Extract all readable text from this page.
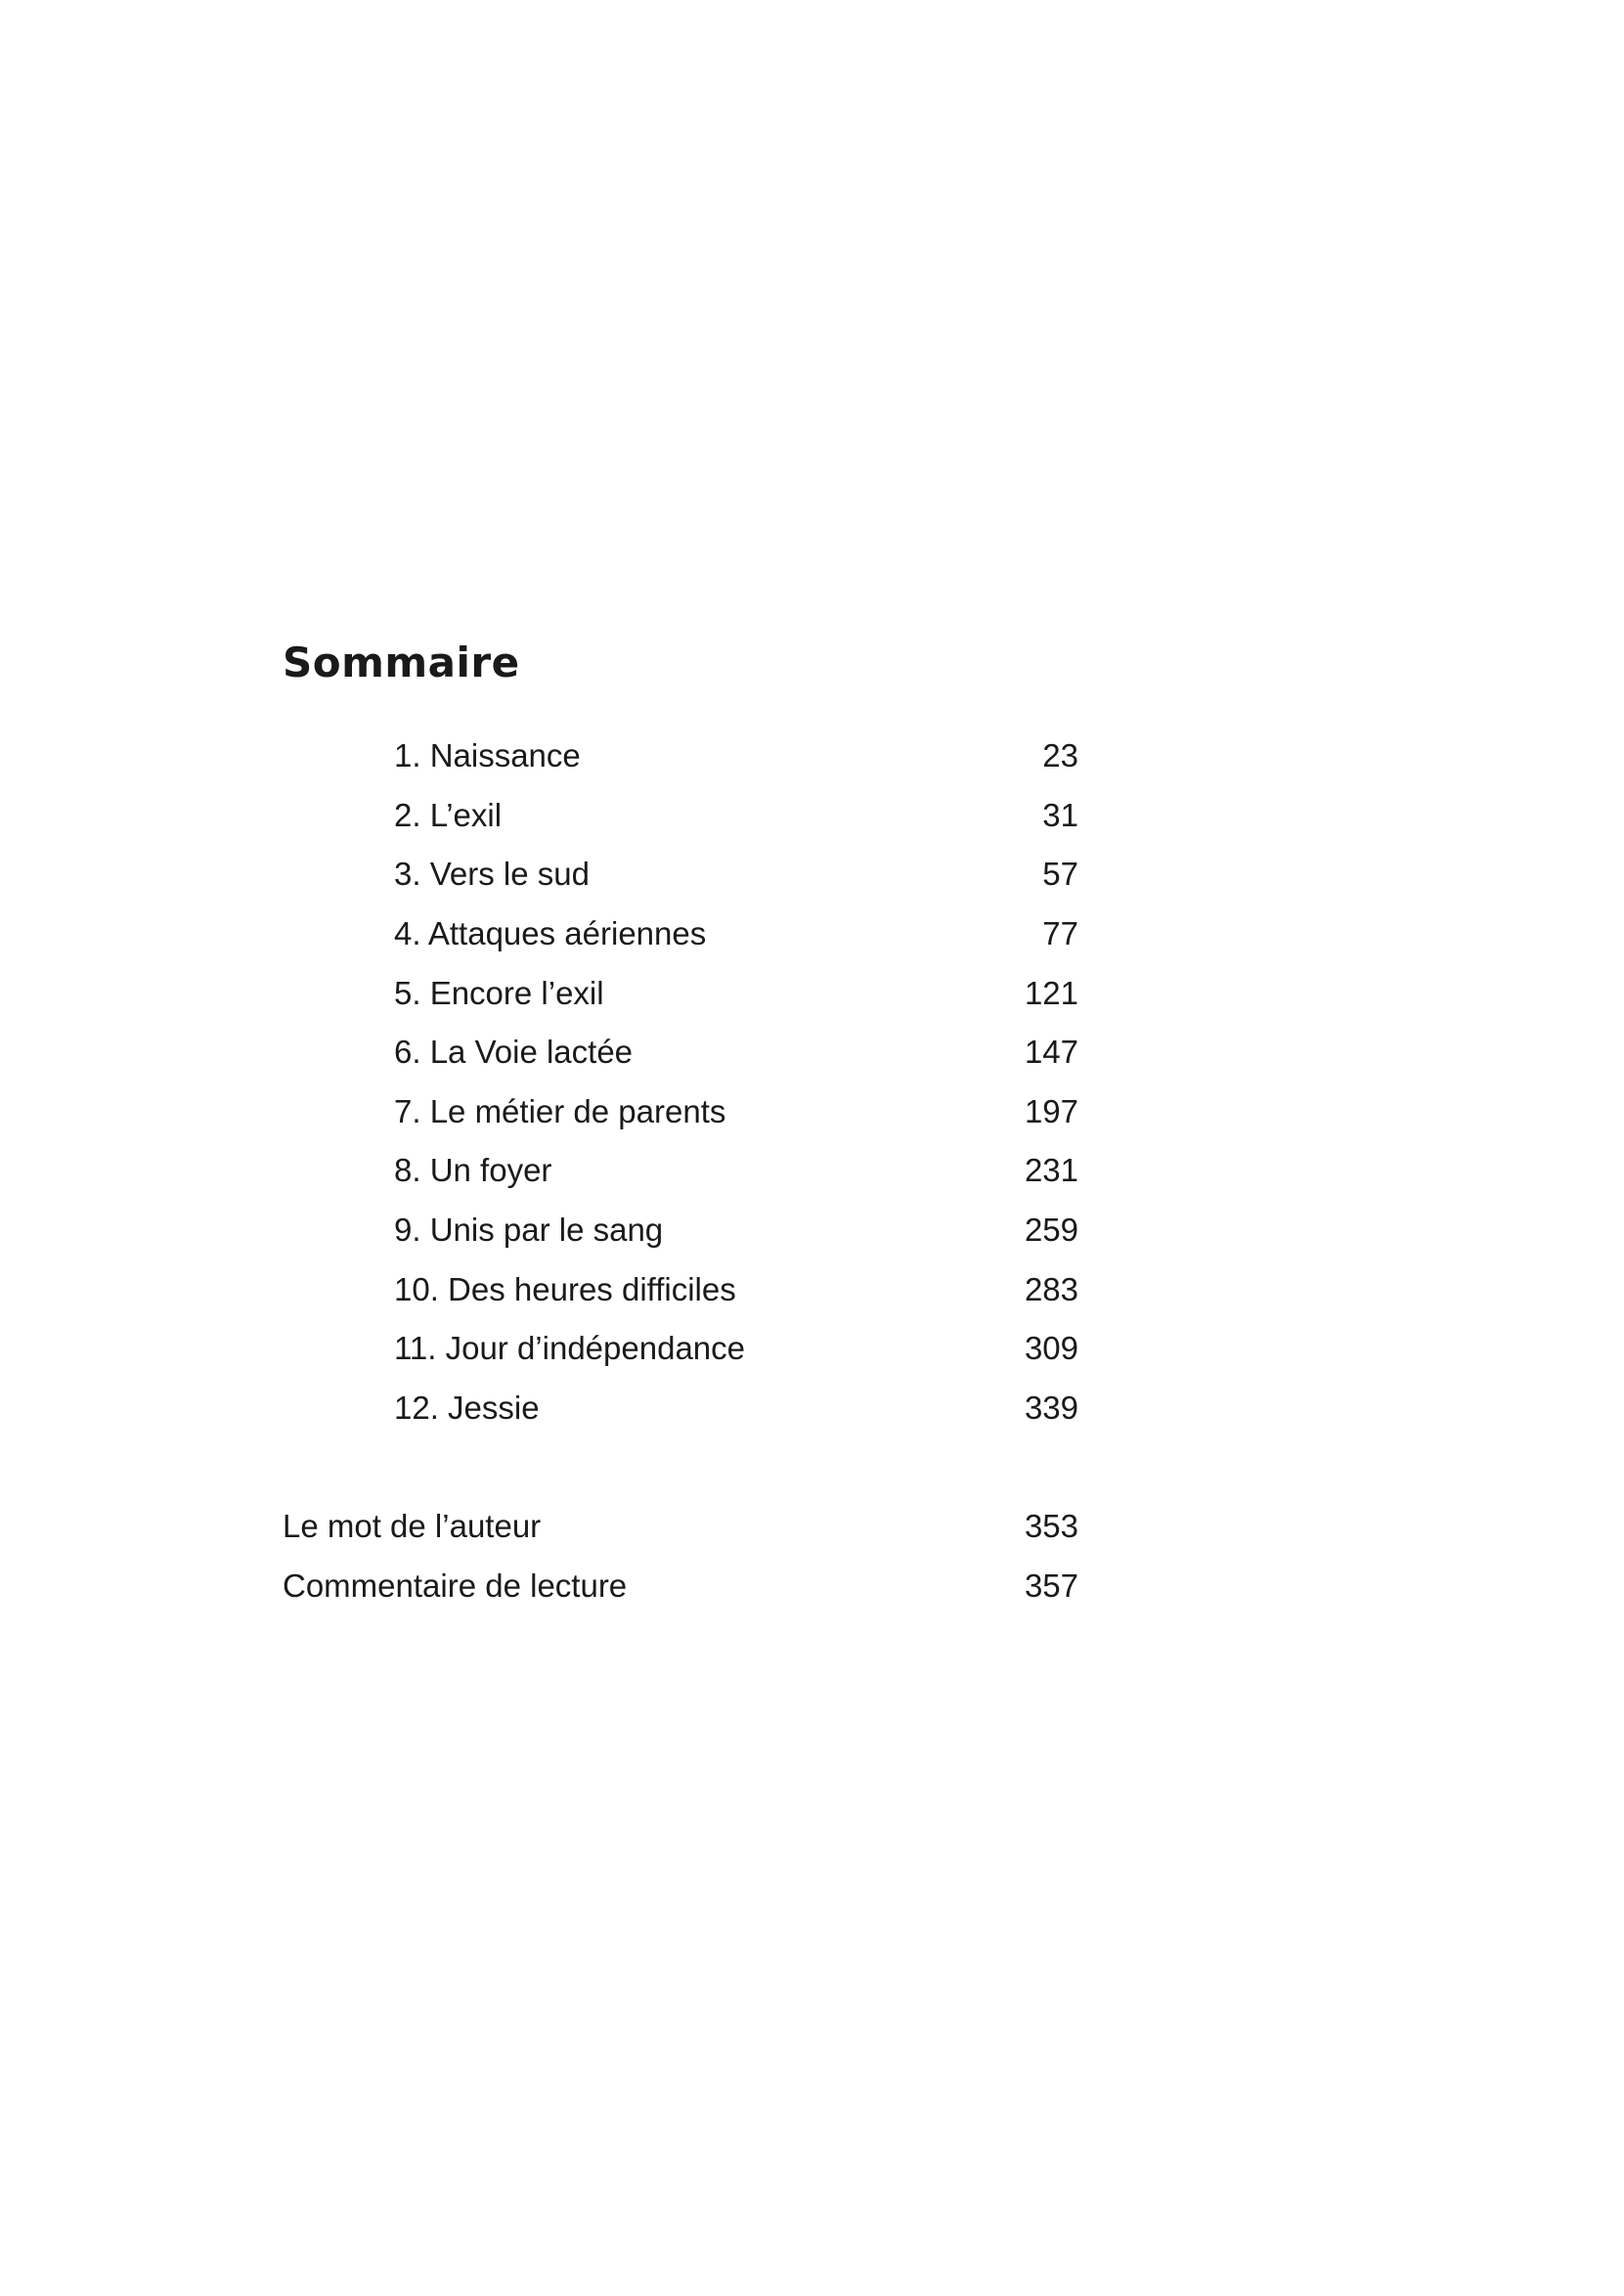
Sommaire
1. Naissance	23
2. L’exil	31
3. Vers le sud	57
4. Attaques aériennes	77
5. Encore l’exil	121
6. La Voie lactée	147
7. Le métier de parents	197
8. Un foyer	231
9. Unis par le sang	259
10. Des heures difficiles	283
11. Jour d’indépendance	309
12. Jessie	339
Le mot de l’auteur	353
Commentaire de lecture	357
